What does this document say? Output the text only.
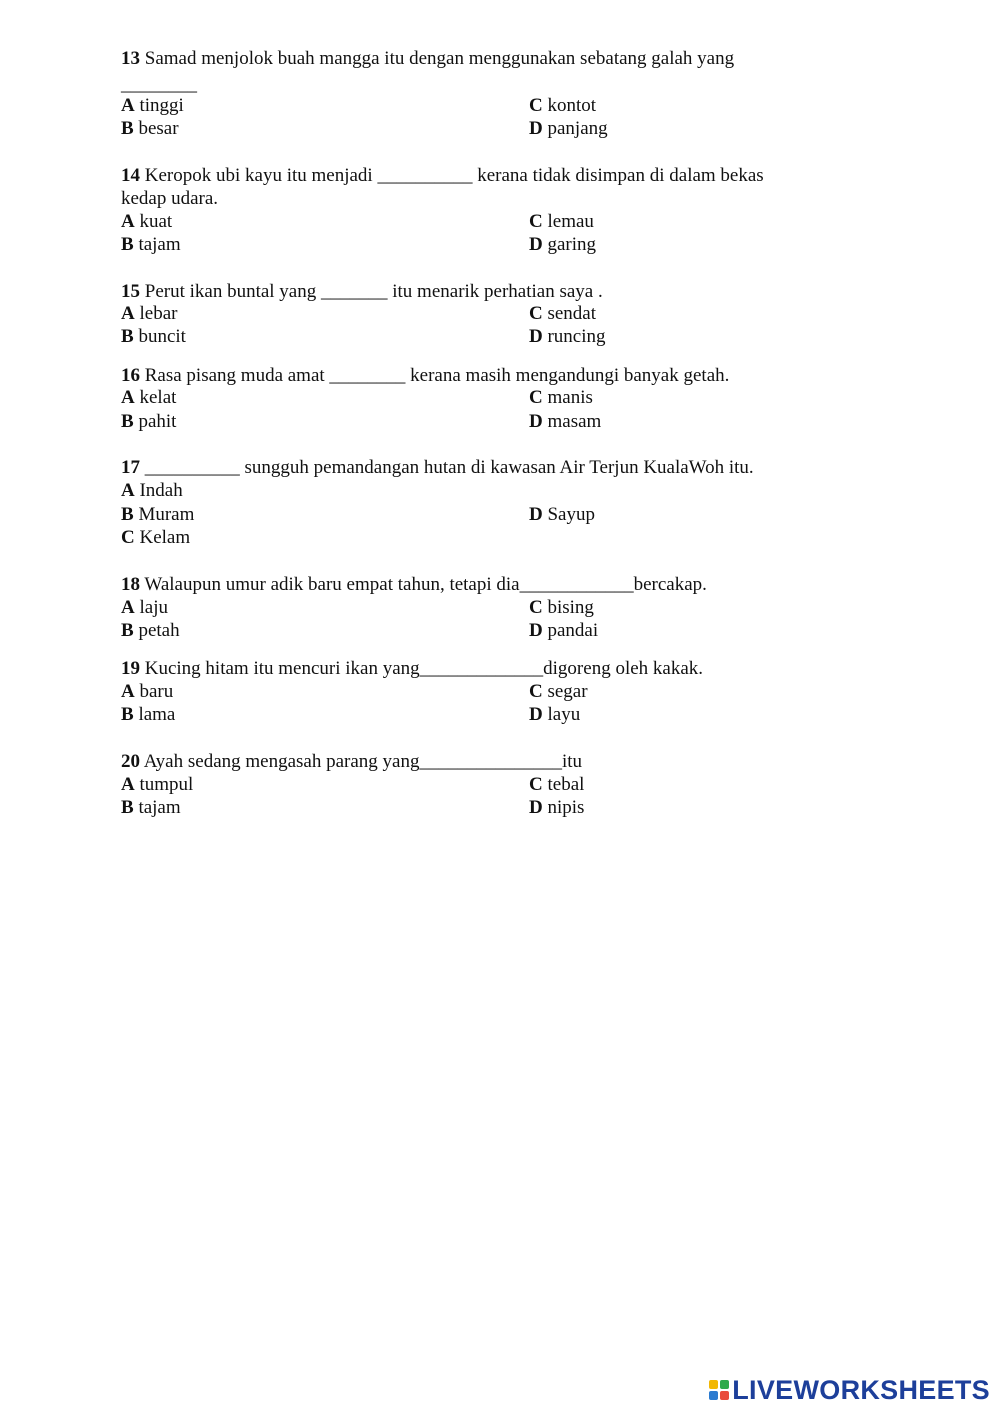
13 Samad menjolok buah mangga itu dengan menggunakan sebatang galah yang
________
A tinggi	C kontot
B besar	D panjang
14 Keropok ubi kayu itu menjadi __________ kerana tidak disimpan di dalam bekas
kedap udara.
A kuat	C lemau
B tajam	D garing
15 Perut ikan buntal yang _______ itu menarik perhatian saya .
A lebar	C sendat
B buncit	D runcing
16 Rasa pisang muda amat ________ kerana masih mengandungi banyak getah.
A kelat	C manis
B pahit	D masam
17 __________ sungguh pemandangan hutan di kawasan Air Terjun KualaWoh itu.
A Indah
B Muram	D Sayup
C Kelam
18 Walaupun umur adik baru empat tahun, tetapi dia____________bercakap.
A laju	C bising
B petah	D pandai
19 Kucing hitam itu mencuri ikan yang_____________digoreng oleh kakak.
A baru	C segar
B lama	D layu
20 Ayah sedang mengasah parang yang_______________itu
A tumpul	C tebal
B tajam	D nipis
LIVEWORKSHEETS
